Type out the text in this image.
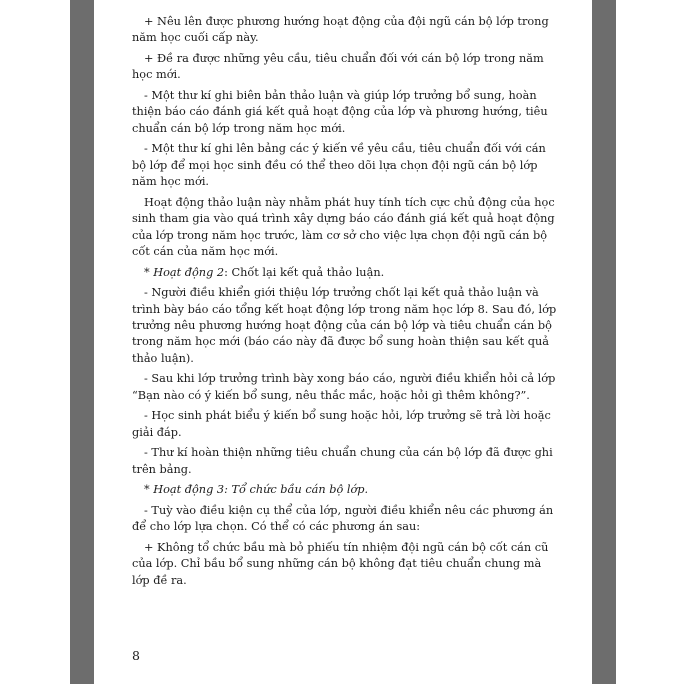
+ Nêu lên được phương hướng hoạt động của đội ngũ cán bộ lớp trong năm học cuối cấp này.

+ Đề ra được những yêu cầu, tiêu chuẩn đối với cán bộ lớp trong năm học mới.

- Một thư kí ghi biên bản thảo luận và giúp lớp trưởng bổ sung, hoàn thiện báo cáo đánh giá kết quả hoạt động của lớp và phương hướng, tiêu chuẩn cán bộ lớp trong năm học mới.

- Một thư kí ghi lên bảng các ý kiến về yêu cầu, tiêu chuẩn đối với cán bộ lớp để mọi học sinh đều có thể theo dõi lựa chọn đội ngũ cán bộ lớp năm học mới.

Hoạt động thảo luận này nhằm phát huy tính tích cực chủ động của học sinh tham gia vào quá trình xây dựng báo cáo đánh giá kết quả hoạt động của lớp trong năm học trước, làm cơ sở cho việc lựa chọn đội ngũ cán bộ cốt cán của năm học mới.

* Hoạt động 2: Chốt lại kết quả thảo luận.

- Người điều khiển giới thiệu lớp trưởng chốt lại kết quả thảo luận và trình bày báo cáo tổng kết hoạt động lớp trong năm học lớp 8. Sau đó, lớp trưởng nêu phương hướng hoạt động của cán bộ lớp và tiêu chuẩn cán bộ trong năm học mới (báo cáo này đã được bổ sung hoàn thiện sau kết quả thảo luận).

- Sau khi lớp trưởng trình bày xong báo cáo, người điều khiển hỏi cả lớp “Bạn nào có ý kiến bổ sung, nêu thắc mắc, hoặc hỏi gì thêm không?”.

- Học sinh phát biểu ý kiến bổ sung hoặc hỏi, lớp trưởng sẽ trả lời hoặc giải đáp.

- Thư kí hoàn thiện những tiêu chuẩn chung của cán bộ lớp đã được ghi trên bảng.

* Hoạt động 3: Tổ chức bầu cán bộ lớp.

- Tuỳ vào điều kiện cụ thể của lớp, người điều khiển nêu các phương án để cho lớp lựa chọn. Có thể có các phương án sau:

+ Không tổ chức bầu mà bỏ phiếu tín nhiệm đội ngũ cán bộ cốt cán cũ của lớp. Chỉ bầu bổ sung những cán bộ không đạt tiêu chuẩn chung mà lớp đề ra.

8
